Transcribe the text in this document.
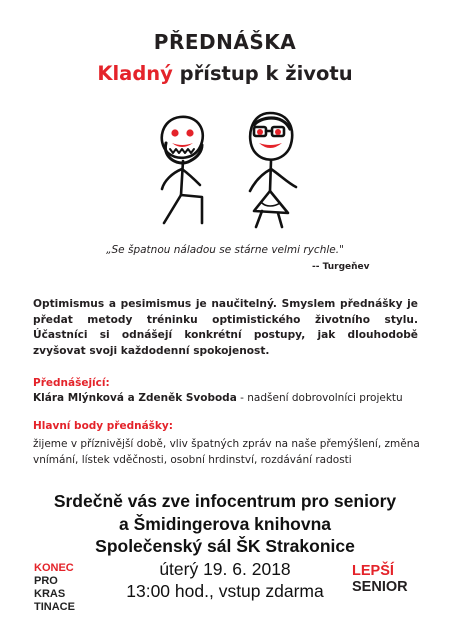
PŘEDNÁŠKA
Kladný přístup k životu
„Se špatnou náladou se stárne velmi rychle."
-- Turgeňev
Optimismus a pesimismus je naučitelný. Smyslem přednášky je předat metody tréninku optimistického životního stylu. Účastníci si odnášejí konkrétní postupy, jak dlouhodobě zvyšovat svoji každodenní spokojenost.
Přednášející:
Klára Mlýnková a Zdeněk Svoboda - nadšení dobrovolníci projektu
Hlavní body přednášky:
žijeme v příznivější době, vliv špatných zpráv na naše přemýšlení, změna vnímání, lístek vděčnosti, osobní hrdinství, rozdávání radosti
Srdečně vás zve infocentrum pro seniory
a Šmidingerova knihovna
Společenský sál ŠK Strakonice
úterý 19. 6. 2018
13:00 hod., vstup zdarma
KONEC
PRO
KRAS
TINACE
LEPŠÍ
SENIOR
